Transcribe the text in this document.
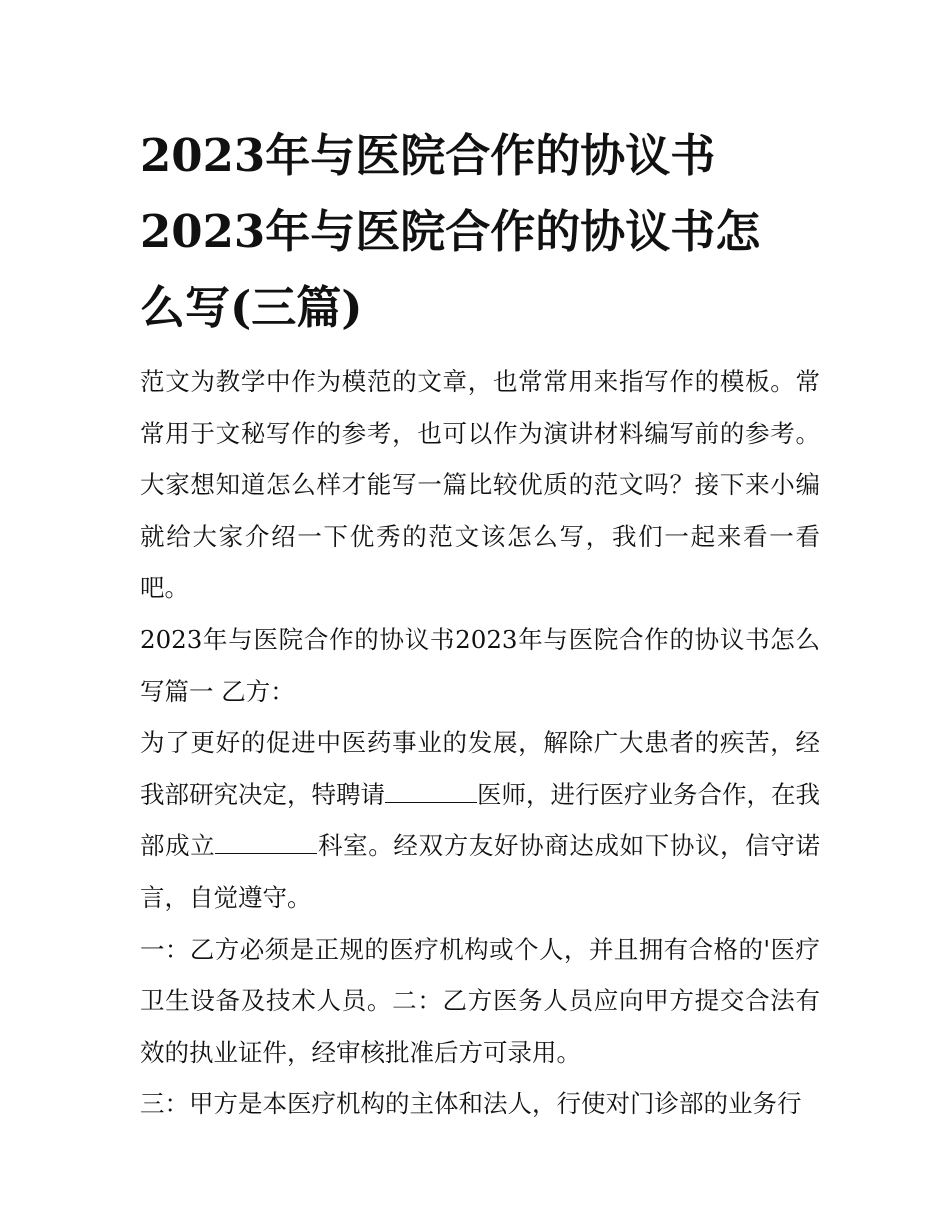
2023年与医院合作的协议书
2023年与医院合作的协议书怎
么写(三篇)

范文为教学中作为模范的文章，也常常用来指写作的模板。常常用于文秘写作的参考，也可以作为演讲材料编写前的参考。大家想知道怎么样才能写一篇比较优质的范文吗？接下来小编就给大家介绍一下优秀的范文该怎么写，我们一起来看一看吧。

2023年与医院合作的协议书2023年与医院合作的协议书怎么写篇一 乙方：

为了更好的促进中医药事业的发展，解除广大患者的疾苦，经我部研究决定，特聘请	医师，进行医疗业务合作，在我部成立	科室。经双方友好协商达成如下协议，信守诺言，自觉遵守。

一：乙方必须是正规的医疗机构或个人，并且拥有合格的'医疗卫生设备及技术人员。二：乙方医务人员应向甲方提交合法有效的执业证件，经审核批准后方可录用。

三：甲方是本医疗机构的主体和法人，行使对门诊部的业务行
